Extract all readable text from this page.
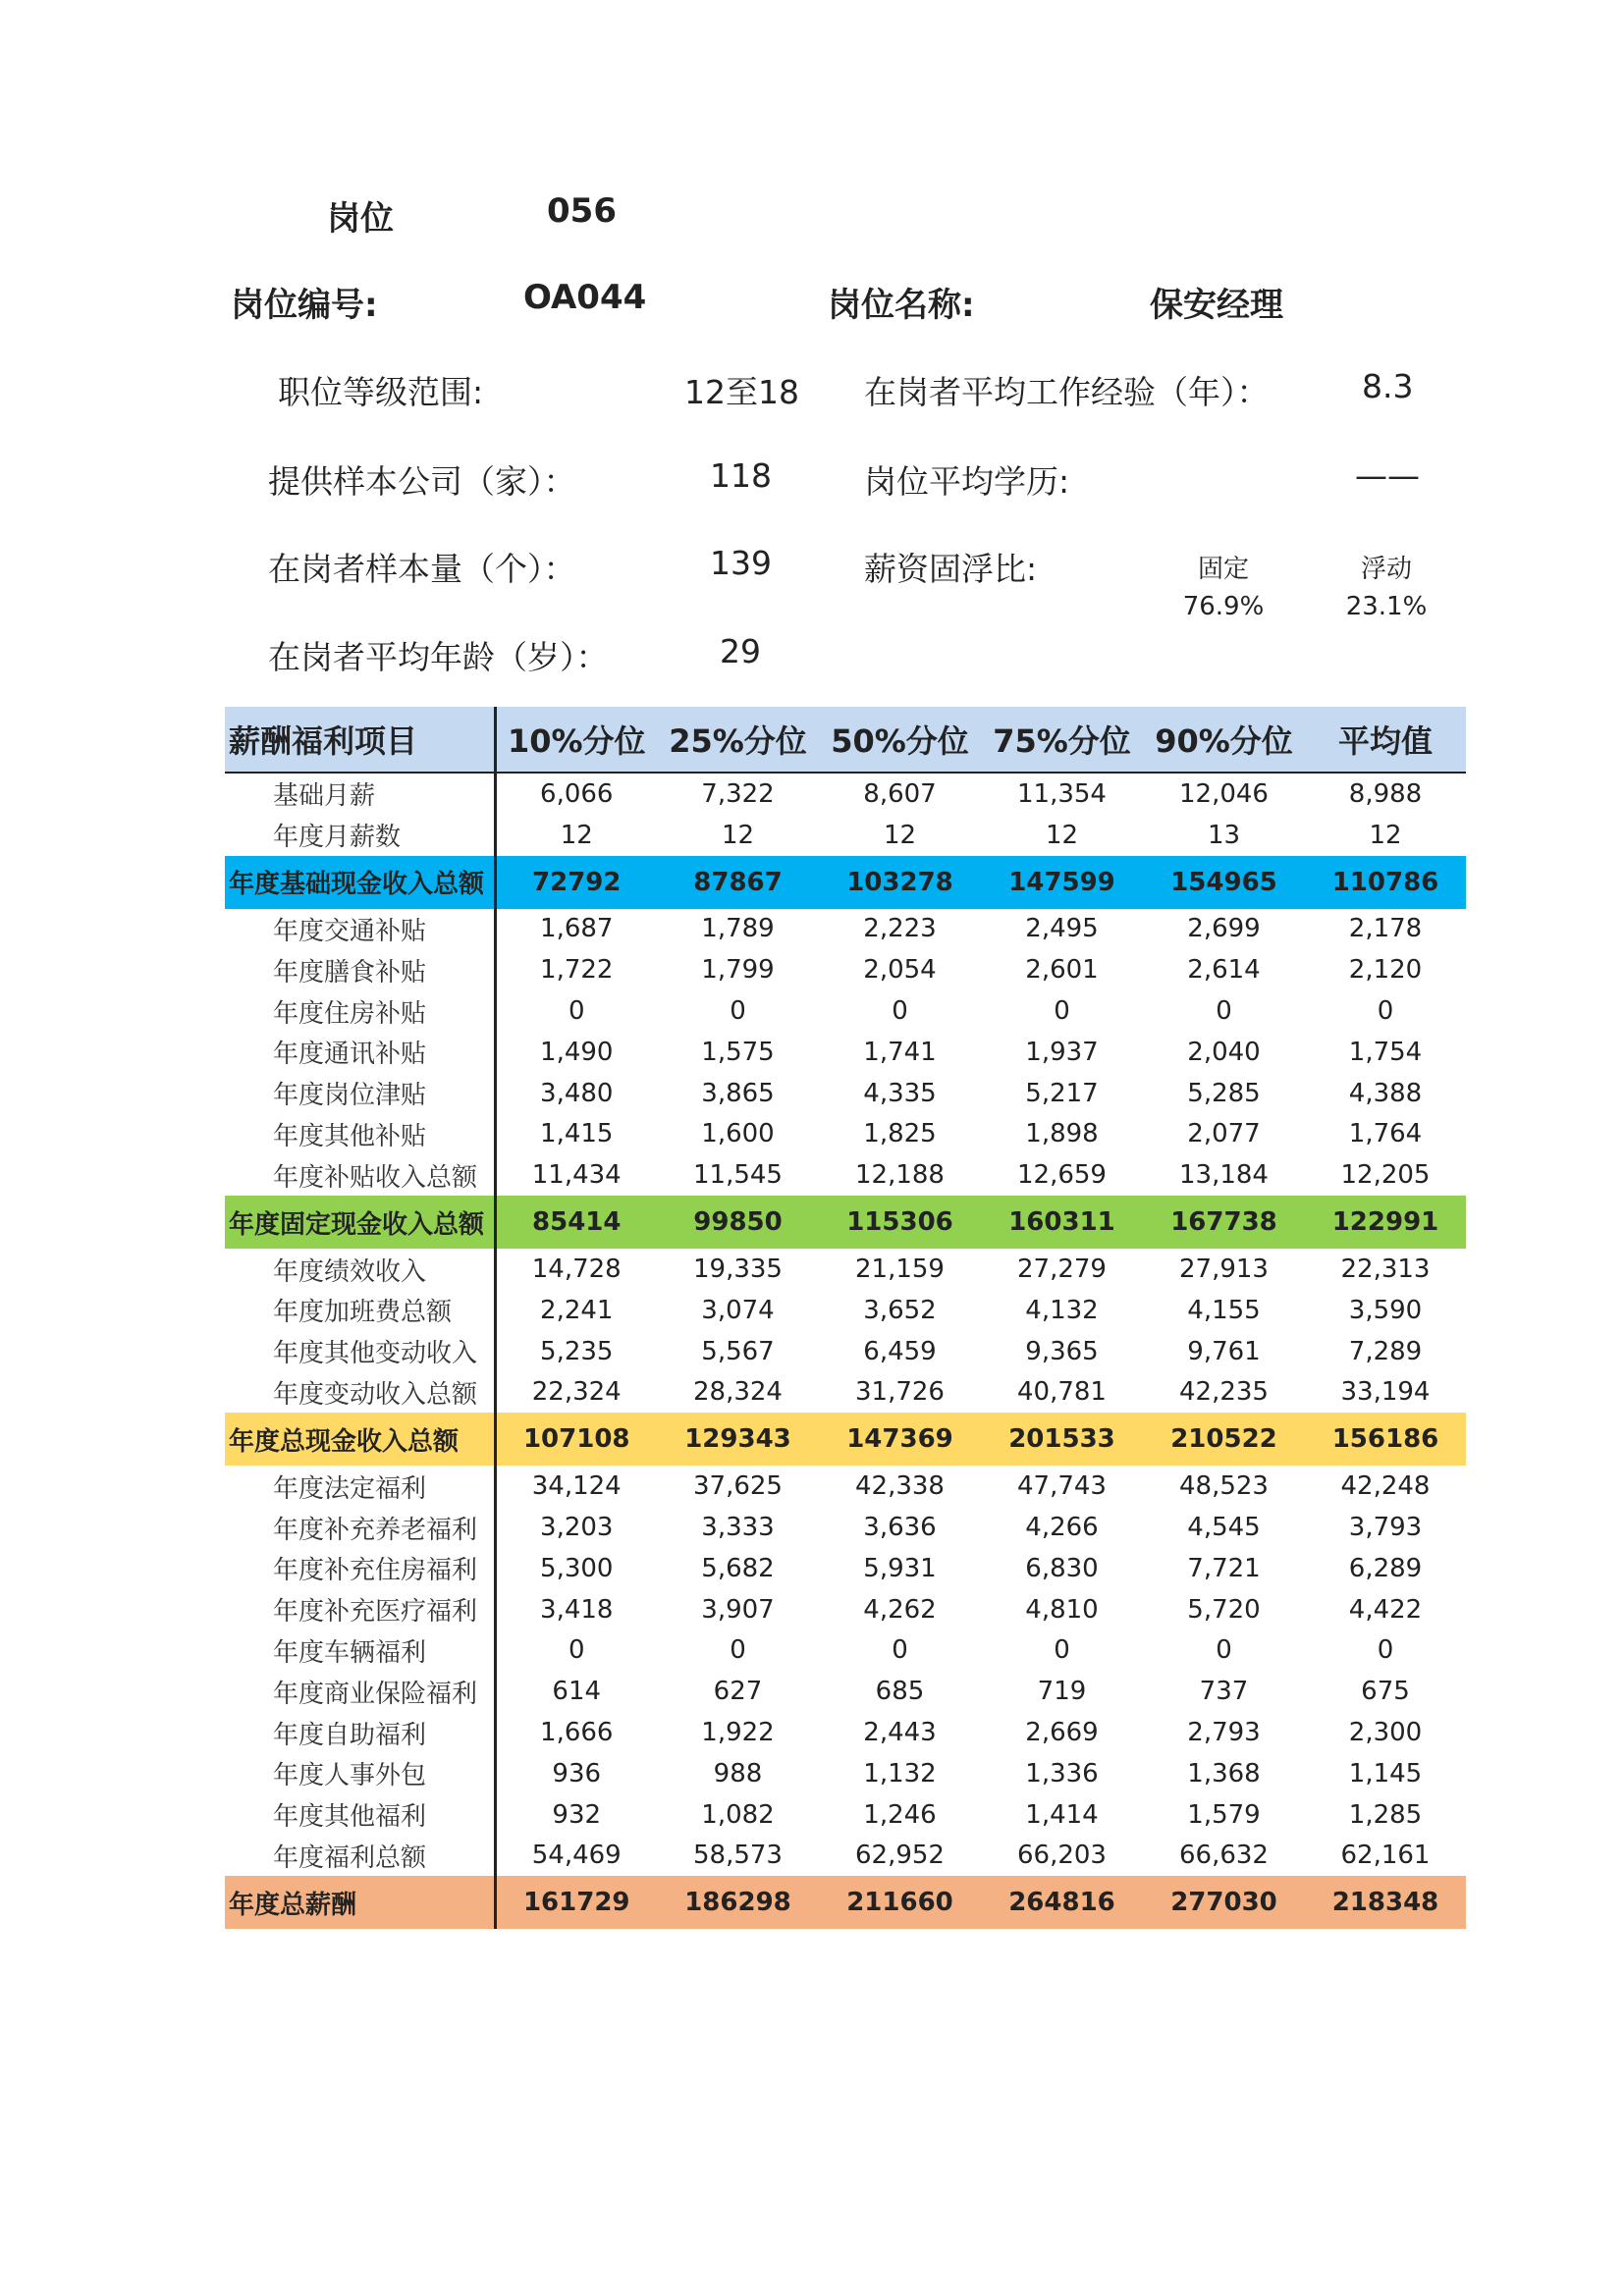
岗位	056
岗位编号:	OA044	岗位名称:	保安经理
职位等级范围:	12至18 在岗者平均工作经验（年）：	8.3
提供样本公司（家）：	118	岗位平均学历:	——
在岗者样本量（个）：	139	薪资固浮比:	固定	浮动
76.9%	23.1%
在岗者平均年龄（岁）：	29
薪酬福利项目	10%分位	25%分位	50%分位	75%分位	90%分位	平均值
基础月薪	6,066	7,322	8,607	11,354	12,046	8,988
年度月薪数	12	12	12	12	13	12
年度基础现金收入总额	72792	87867	103278	147599	154965	110786
年度交通补贴	1,687	1,789	2,223	2,495	2,699	2,178
年度膳食补贴	1,722	1,799	2,054	2,601	2,614	2,120
年度住房补贴	0	0	0	0	0	0
年度通讯补贴	1,490	1,575	1,741	1,937	2,040	1,754
年度岗位津贴	3,480	3,865	4,335	5,217	5,285	4,388
年度其他补贴	1,415	1,600	1,825	1,898	2,077	1,764
年度补贴收入总额	11,434	11,545	12,188	12,659	13,184	12,205
年度固定现金收入总额	85414	99850	115306	160311	167738	122991
年度绩效收入	14,728	19,335	21,159	27,279	27,913	22,313
年度加班费总额	2,241	3,074	3,652	4,132	4,155	3,590
年度其他变动收入	5,235	5,567	6,459	9,365	9,761	7,289
年度变动收入总额	22,324	28,324	31,726	40,781	42,235	33,194
年度总现金收入总额	107108	129343	147369	201533	210522	156186
年度法定福利	34,124	37,625	42,338	47,743	48,523	42,248
年度补充养老福利	3,203	3,333	3,636	4,266	4,545	3,793
年度补充住房福利	5,300	5,682	5,931	6,830	7,721	6,289
年度补充医疗福利	3,418	3,907	4,262	4,810	5,720	4,422
年度车辆福利	0	0	0	0	0	0
年度商业保险福利	614	627	685	719	737	675
年度自助福利	1,666	1,922	2,443	2,669	2,793	2,300
年度人事外包	936	988	1,132	1,336	1,368	1,145
年度其他福利	932	1,082	1,246	1,414	1,579	1,285
年度福利总额	54,469	58,573	62,952	66,203	66,632	62,161
年度总薪酬	161729	186298	211660	264816	277030	218348
